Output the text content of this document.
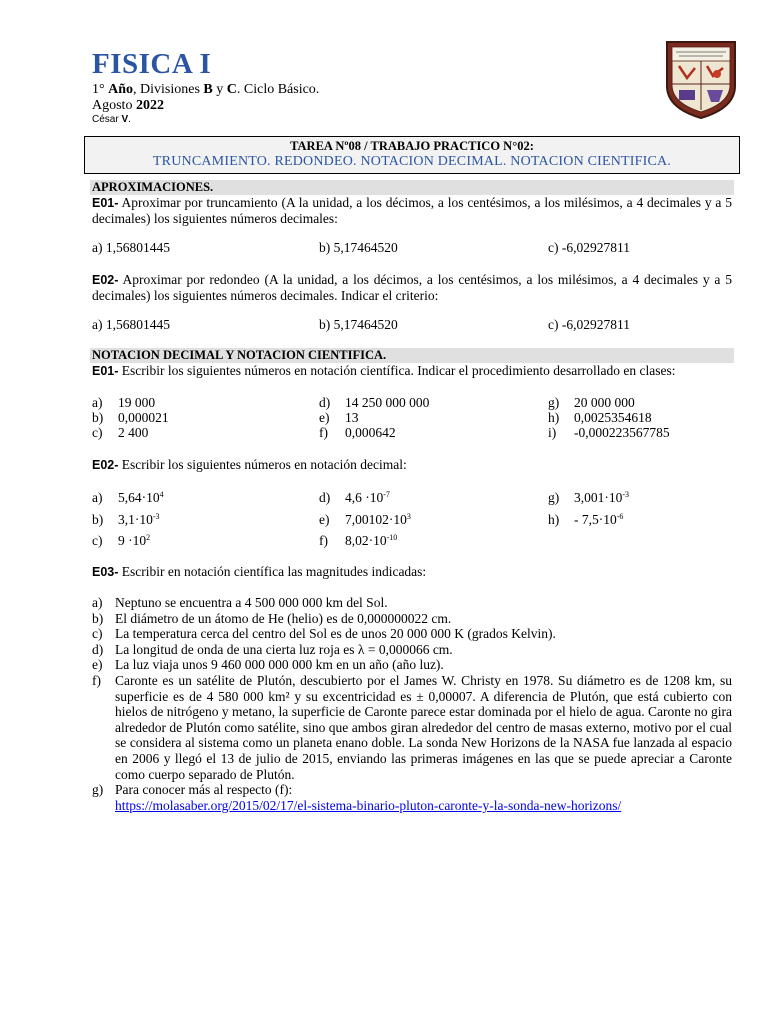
FISICA I
1° Año, Divisiones B y C. Ciclo Básico.
Agosto 2022
César V.
TAREA Nº08 / TRABAJO PRACTICO N°02:
TRUNCAMIENTO. REDONDEO. NOTACION DECIMAL. NOTACION CIENTIFICA.
APROXIMACIONES.
E01- Aproximar por truncamiento (A la unidad, a los décimos, a los centésimos, a los milésimos, a 4 decimales y a 5 decimales) los siguientes números decimales:
a) 1,56801445	b) 5,17464520	c) -6,02927811
E02- Aproximar por redondeo (A la unidad, a los décimos, a los centésimos, a los milésimos, a 4 decimales y a 5 decimales) los siguientes números decimales. Indicar el criterio:
a) 1,56801445	b) 5,17464520	c) -6,02927811
NOTACION DECIMAL Y NOTACION CIENTIFICA.
E01- Escribir los siguientes números en notación científica. Indicar el procedimiento desarrollado en clases:
a) 19 000	d) 14 250 000 000	g) 20 000 000
b) 0,000021	e) 13	h) 0,0025354618
c) 2 400	f) 0,000642	i) -0,000223567785
E02- Escribir los siguientes números en notación decimal:
a) $5,64\cdot 10^4$	d) $4,6 \cdot 10^{-7}$	g) $3,001\cdot 10^{-3}$
b) $3,1\cdot 10^{-3}$	e) $7,00102\cdot 10^3$	$h) - 7,5\cdot 10^{-6}$
c) $9 \cdot 10^2$	f) $8,02\cdot 10^{-10}$
E03- Escribir en notación científica las magnitudes indicadas:
a) Neptuno se encuentra a 4 500 000 000 km del Sol.
b) El diámetro de un átomo de He (helio) es de 0,000000022 cm.
c) La temperatura cerca del centro del Sol es de unos 20 000 000 K (grados Kelvin).
d) La longitud de onda de una cierta luz roja es λ = 0,000066 cm.
e) La luz viaja unos 9 460 000 000 000 km en un año (año luz).
f)	Caronte es un satélite de Plutón, descubierto por el James W. Christy en 1978. Su diámetro es de 1208 km, su superficie es de 4 580 000 km² y su excentricidad es ± 0,00007. A diferencia de Plutón, que está cubierto con hielos de nitrógeno y metano, la superficie de Caronte parece estar dominada por el hielo de agua. Caronte no gira alrededor de Plutón como satélite, sino que ambos giran alrededor del centro de masas externo, motivo por el cual se considera al sistema como un planeta enano doble. La sonda New Horizons de la NASA fue lanzada al espacio en 2006 y llegó el 13 de julio de 2015, enviando las primeras imágenes en las que se puede apreciar a Caronte como cuerpo separado de Plutón.
g) Para conocer más al respecto (f):
https://molasaber.org/2015/02/17/el-sistema-binario-pluton-caronte-y-la-sonda-new-horizons/
